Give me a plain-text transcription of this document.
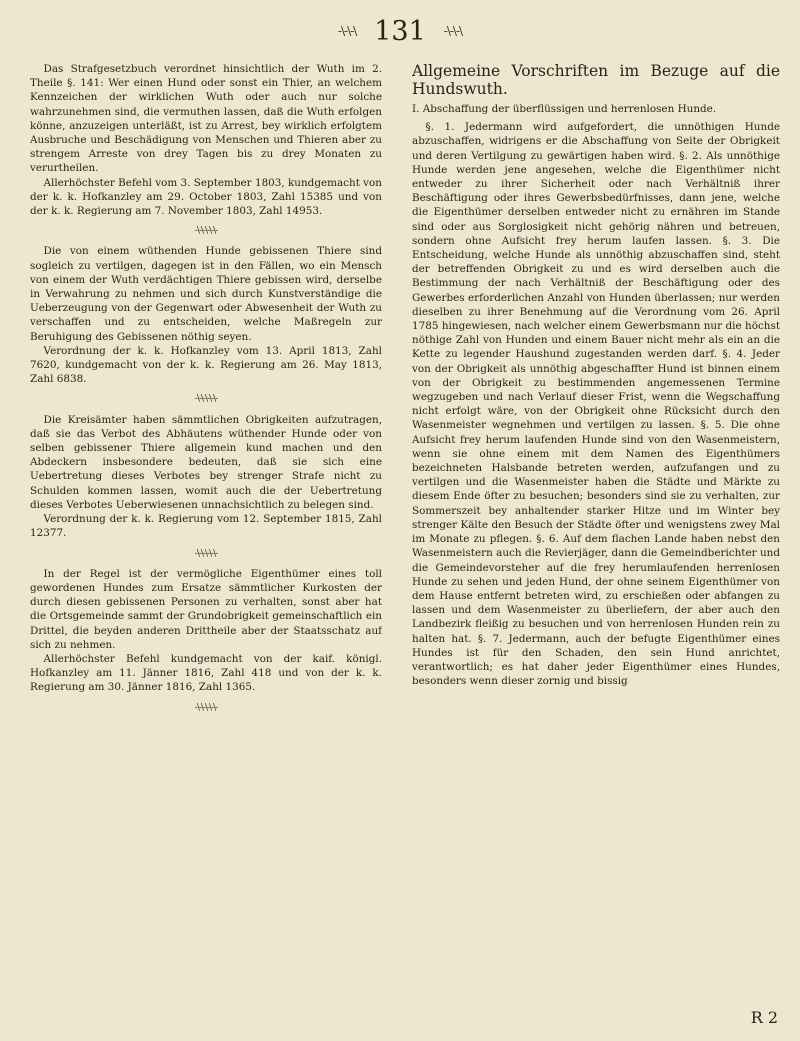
-\-\-\ 131 -\-\-\

Das Strafgesetzbuch verordnet hinsichtlich der Wuth im 2. Theile §. 141: Wer einen Hund oder sonst ein Thier, an welchem Kennzeichen der wirklichen Wuth oder auch nur solche wahrzunehmen sind, die vermuthen lassen, daß die Wuth erfolgen könne, anzuzeigen unterläßt, ist zu Arrest, bey wirklich erfolgtem Ausbruche und Beschädigung von Menschen und Thieren aber zu strengem Arreste von drey Tagen bis zu drey Monaten zu verurtheilen.

Allerhöchster Befehl vom 3. September 1803, kundgemacht von der k. k. Hofkanzley am 29. October 1803, Zahl 15385 und von der k. k. Regierung am 7. November 1803, Zahl 14953.

-\-\-\-\-\-

Die von einem wüthenden Hunde gebissenen Thiere sind sogleich zu vertilgen, dagegen ist in den Fällen, wo ein Mensch von einem der Wuth verdächtigen Thiere gebissen wird, derselbe in Verwahrung zu nehmen und sich durch Kunstverständige die Ueberzeugung von der Gegenwart oder Abwesenheit der Wuth zu verschaffen und zu entscheiden, welche Maßregeln zur Beruhigung des Gebissenen nöthig seyen.

Verordnung der k. k. Hofkanzley vom 13. April 1813, Zahl 7620, kundgemacht von der k. k. Regierung am 26. May 1813, Zahl 6838.

-\-\-\-\-\-

Die Kreisämter haben sämmtlichen Obrigkeiten aufzutragen, daß sie das Verbot des Abhäutens wüthender Hunde oder von selben gebissener Thiere allgemein kund machen und den Abdeckern insbesondere bedeuten, daß sie sich eine Uebertretung dieses Verbotes bey strenger Strafe nicht zu Schulden kommen lassen, womit auch die der Uebertretung dieses Verbotes Ueberwiesenen unnachsichtlich zu belegen sind.

Verordnung der k. k. Regierung vom 12. September 1815, Zahl 12377.

-\-\-\-\-\-

In der Regel ist der vermögliche Eigenthümer eines toll gewordenen Hundes zum Ersatze sämmtlicher Kurkosten der durch diesen gebissenen Personen zu verhalten, sonst aber hat die Ortsgemeinde sammt der Grundobrigkeit gemeinschaftlich ein Drittel, die beyden anderen Drittheile aber der Staatsschatz auf sich zu nehmen.

Allerhöchster Befehl kundgemacht von der kaif. königl. Hofkanzley am 11. Jänner 1816, Zahl 418 und von der k. k. Regierung am 30. Jänner 1816, Zahl 1365.

-\-\-\-\-\-

Allgemeine Vorschriften im Bezuge auf die Hundswuth.

I. Abschaffung der überflüssigen und herrenlosen Hunde.

§. 1. Jedermann wird aufgefordert, die unnöthigen Hunde abzuschaffen, widrigens er die Abschaffung von Seite der Obrigkeit und deren Vertilgung zu gewärtigen haben wird. §. 2. Als unnöthige Hunde werden jene angesehen, welche die Eigenthümer nicht entweder zu ihrer Sicherheit oder nach Verhältniß ihrer Beschäftigung oder ihres Gewerbsbedürfnisses, dann jene, welche die Eigenthümer derselben entweder nicht zu ernähren im Stande sind oder aus Sorglosigkeit nicht gehörig nähren und betreuen, sondern ohne Aufsicht frey herum laufen lassen. §. 3. Die Entscheidung, welche Hunde als unnöthig abzuschaffen sind, steht der betreffenden Obrigkeit zu und es wird derselben auch die Bestimmung der nach Verhältniß der Beschäftigung oder des Gewerbes erforderlichen Anzahl von Hunden überlassen; nur werden dieselben zu ihrer Benehmung auf die Verordnung vom 26. April 1785 hingewiesen, nach welcher einem Gewerbsmann nur die höchst nöthige Zahl von Hunden und einem Bauer nicht mehr als ein an die Kette zu legender Haushund zugestanden werden darf. §. 4. Jeder von der Obrigkeit als unnöthig abgeschaffter Hund ist binnen einem von der Obrigkeit zu bestimmenden angemessenen Termine wegzugeben und nach Verlauf dieser Frist, wenn die Wegschaffung nicht erfolgt wäre, von der Obrigkeit ohne Rücksicht durch den Wasenmeister wegnehmen und vertilgen zu lassen. §. 5. Die ohne Aufsicht frey herum laufenden Hunde sind von den Wasenmeistern, wenn sie ohne einem mit dem Namen des Eigenthümers bezeichneten Halsbande betreten werden, aufzufangen und zu vertilgen und die Wasenmeister haben die Städte und Märkte zu diesem Ende öfter zu besuchen; besonders sind sie zu verhalten, zur Sommerszeit bey anhaltender starker Hitze und im Winter bey strenger Kälte den Besuch der Städte öfter und wenigstens zwey Mal im Monate zu pflegen. §. 6. Auf dem flachen Lande haben nebst den Wasenmeistern auch die Revierjäger, dann die Gemeindberichter und die Gemeindevorsteher auf die frey herumlaufenden herrenlosen Hunde zu sehen und jeden Hund, der ohne seinem Eigenthümer von dem Hause entfernt betreten wird, zu erschießen oder abfangen zu lassen und dem Wasenmeister zu überliefern, der aber auch den Landbezirk fleißig zu besuchen und von herrenlosen Hunden rein zu halten hat. §. 7. Jedermann, auch der befugte Eigenthümer eines Hundes ist für den Schaden, den sein Hund anrichtet, verantwortlich; es hat daher jeder Eigenthümer eines Hundes, besonders wenn dieser zornig und bissig

R 2
